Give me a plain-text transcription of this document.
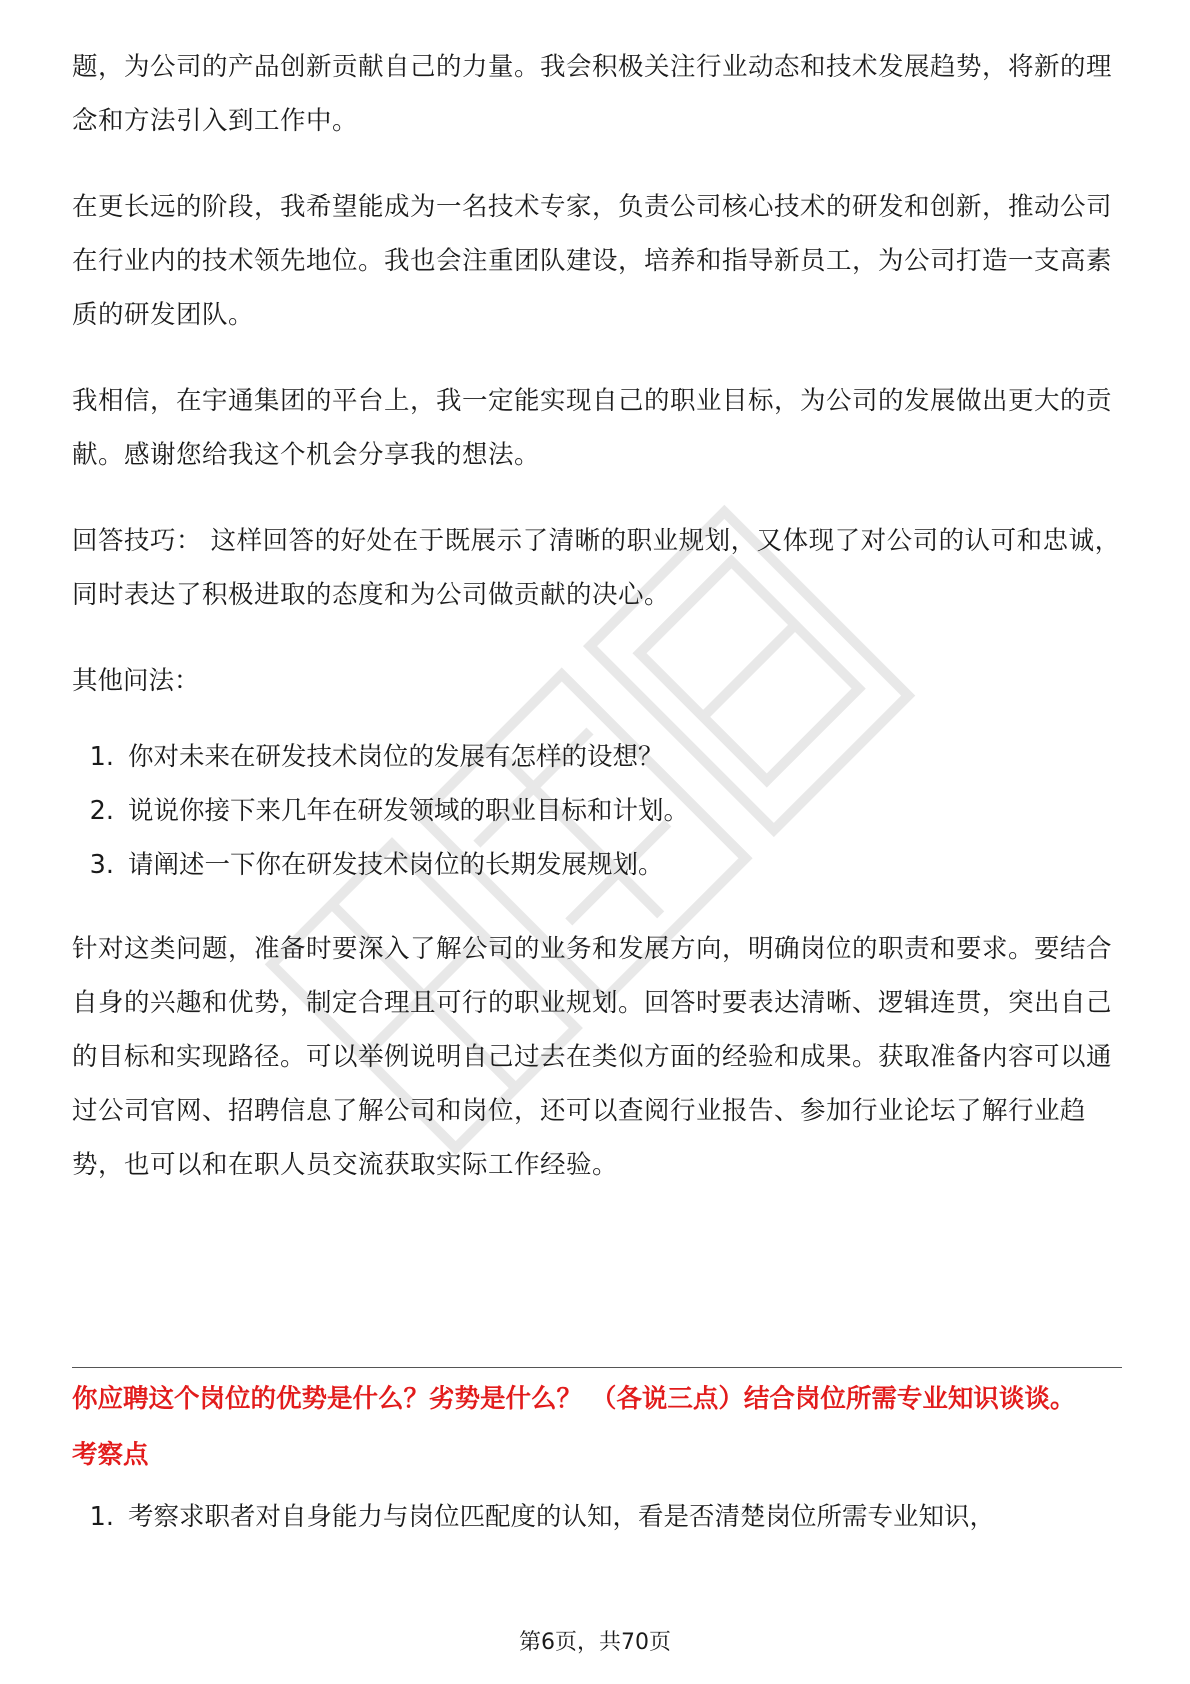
题，为公司的产品创新贡献自己的力量。我会积极关注行业动态和技术发展趋势，将新的理念和方法引入到工作中。

在更长远的阶段，我希望能成为一名技术专家，负责公司核心技术的研发和创新，推动公司在行业内的技术领先地位。我也会注重团队建设，培养和指导新员工，为公司打造一支高素质的研发团队。

我相信，在宇通集团的平台上，我一定能实现自己的职业目标，为公司的发展做出更大的贡献。感谢您给我这个机会分享我的想法。

回答技巧： 这样回答的好处在于既展示了清晰的职业规划，又体现了对公司的认可和忠诚，同时表达了积极进取的态度和为公司做贡献的决心。

其他问法：

1. 你对未来在研发技术岗位的发展有怎样的设想？
2. 说说你接下来几年在研发领域的职业目标和计划。
3. 请阐述一下你在研发技术岗位的长期发展规划。

针对这类问题，准备时要深入了解公司的业务和发展方向，明确岗位的职责和要求。要结合自身的兴趣和优势，制定合理且可行的职业规划。回答时要表达清晰、逻辑连贯，突出自己的目标和实现路径。可以举例说明自己过去在类似方面的经验和成果。获取准备内容可以通过公司官网、招聘信息了解公司和岗位，还可以查阅行业报告、参加行业论坛了解行业趋势，也可以和在职人员交流获取实际工作经验。

你应聘这个岗位的优势是什么？劣势是什么？ （各说三点）结合岗位所需专业知识谈谈。

考察点

1. 考察求职者对自身能力与岗位匹配度的认知，看是否清楚岗位所需专业知识，
第6页，共70页
